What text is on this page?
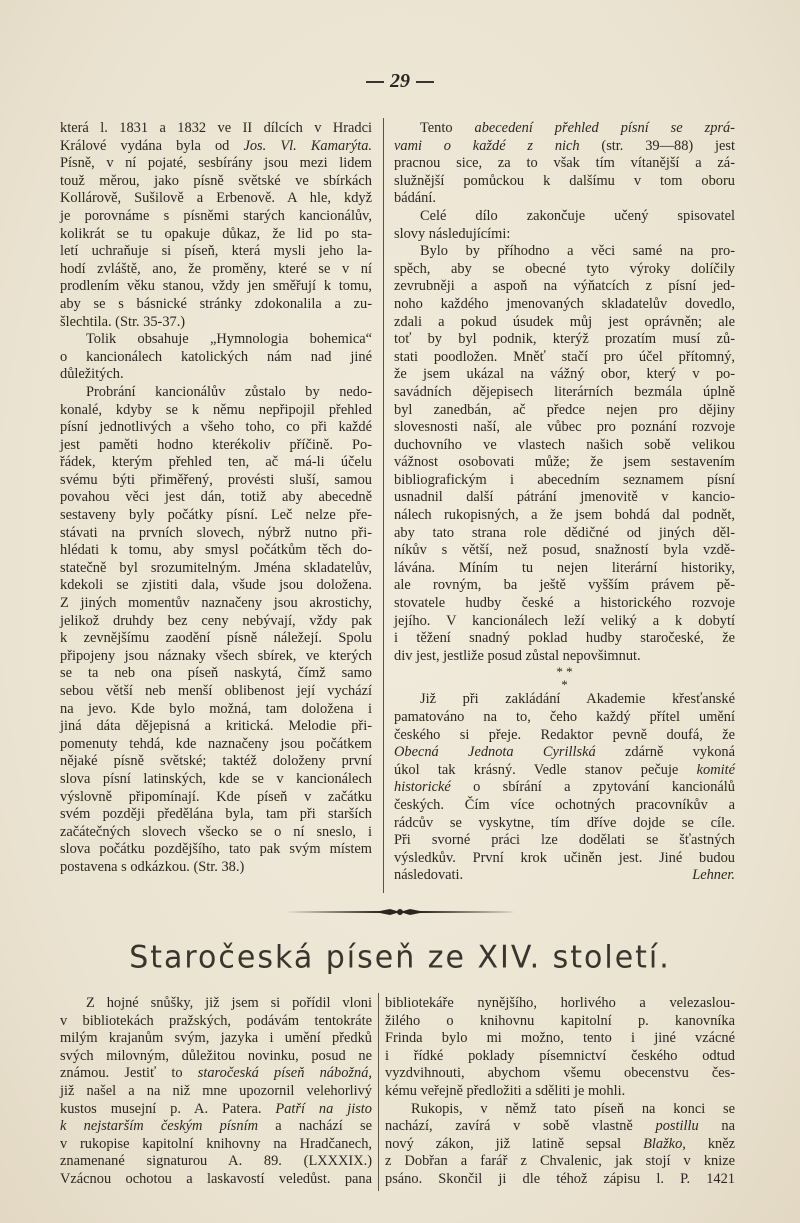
29
která l. 1831 a 1832 ve II dílcích v Hradci
Králové vydána byla od Jos. Vl. Kamarýta.
Písně, v ní pojaté, sesbírány jsou mezi lidem
touž měrou, jako písně světské ve sbírkách
Kollárově, Sušilově a Erbenově. A hle, když
je porovnáme s písněmi starých kancionálův,
kolikrát se tu opakuje důkaz, že lid po sta-
letí uchraňuje si píseň, která mysli jeho la-
hodí zvláště, ano, že proměny, které se v ní
prodlením věku stanou, vždy jen směřují k tomu,
aby se s básnické stránky zdokonalila a zu-
šlechtila. (Str. 35-37.)
Tolik obsahuje „Hymnologia bohemica“
o kancionálech katolických nám nad jiné
důležitých.
Probrání kancionálův zůstalo by nedo-
konalé, kdyby se k němu nepřipojil přehled
písní jednotlivých a všeho toho, co při každé
jest paměti hodno kterékoliv příčině. Po-
řádek, kterým přehled ten, ač má-li účelu
svému býti přiměřený, provésti sluší, samou
povahou věci jest dán, totiž aby abecedně
sestaveny byly počátky písní. Leč nelze pře-
stávati na prvních slovech, nýbrž nutno při-
hlédati k tomu, aby smysl počátkům těch do-
statečně byl srozumitelným. Jména skladatelův,
kdekoli se zjistiti dala, všude jsou doložena.
Z jiných momentův naznačeny jsou akrostichy,
jelikož druhdy bez ceny nebývají, vždy pak
k zevnějšímu zaodění písně náležejí. Spolu
připojeny jsou náznaky všech sbírek, ve kterých
se ta neb ona píseň naskytá, čímž samo
sebou větší neb menší oblibenost její vychází
na jevo. Kde bylo možná, tam doložena i
jiná dáta dějepisná a kritická. Melodie při-
pomenuty tehdá, kde naznačeny jsou počátkem
nějaké písně světské; taktéž doloženy první
slova písní latinských, kde se v kancionálech
výslovně připomínají. Kde píseň v začátku
svém později předělána byla, tam při starších
začátečných slovech všecko se o ní sneslo, i
slova počátku pozdějšího, tato pak svým místem
postavena s odkázkou. (Str. 38.)
Tento abecedení přehled písní se zprá-
vami o každé z nich (str. 39—88) jest
pracnou sice, za to však tím vítanější a zá-
služnější pomůckou k dalšímu v tom oboru
bádání.
Celé dílo zakončuje učený spisovatel
slovy následujícími:
Bylo by příhodno a věci samé na pro-
spěch, aby se obecné tyto výroky dolíčily
zevrubněji a aspoň na výňatcích z písní jed-
noho každého jmenovaných skladatelův dovedlo,
zdali a pokud úsudek můj jest oprávněn; ale
toť by byl podnik, kterýž prozatím musí zů-
stati poodložen. Mněť stačí pro účel přítomný,
že jsem ukázal na vážný obor, který v po-
savádních dějepisech literárních bezmála úplně
byl zanedbán, ač předce nejen pro dějiny
slovesnosti naší, ale vůbec pro poznání rozvoje
duchovního ve vlastech našich sobě velikou
vážnost osobovati může; že jsem sestavením
bibliografickým i abecedním seznamem písní
usnadnil další pátrání jmenovitě v kancio-
nálech rukopisných, a že jsem bohdá dal podnět,
aby tato strana role dědičné od jiných děl-
níkův s větší, než posud, snažností byla vzdě-
lávána. Míním tu nejen literární historiky,
ale rovným, ba ještě vyšším právem pě-
stovatele hudby české a historického rozvoje
jejího. V kancionálech leží veliký a k dobytí
i těžení snadný poklad hudby staročeské, že
div jest, jestliže posud zůstal nepovšimnut.
* *
*
Již při zakládání Akademie křesťanské
pamatováno na to, čeho každý přítel umění
českého si přeje. Redaktor pevně doufá, že
Obecná Jednota Cyrillská zdárně vykoná
úkol tak krásný. Vedle stanov pečuje komité
historické o sbírání a zpytování kancionálů
českých. Čím více ochotných pracovníkův a
rádcův se vyskytne, tím dříve dojde se cíle.
Při svorné práci lze dodělati se šťastných
výsledkův. První krok učiněn jest. Jiné budou
následovati.	Lehner.
Staročeská píseň ze XIV. století.
Z hojné snůšky, již jsem si pořídil vloni
v bibliotekách pražských, podávám tentokráte
milým krajanům svým, jazyka i umění předků
svých milovným, důležitou novinku, posud ne
známou. Jestiť to staročeská píseň nábožná,
již našel a na niž mne upozornil velehorlivý
kustos musejní p. A. Patera. Patří na jisto
k nejstarším českým písním a nachází se
v rukopise kapitolní knihovny na Hradčanech,
znamenané signaturou A. 89. (LXXXIX.)
Vzácnou ochotou a laskavostí veledůst. pana
bibliotekáře nynějšího, horlivého a velezaslou-
žilého o knihovnu kapitolní p. kanovníka
Frinda bylo mi možno, tento i jiné vzácné
i řídké poklady písemnictví českého odtud
vyzdvihnouti, abychom všemu obecenstvu čes-
kému veřejně předložiti a sděliti je mohli.
Rukopis, v němž tato píseň na konci se
nachází, zavírá v sobě vlastně postillu na
nový zákon, již latině sepsal Blažko, kněz
z Dobřan a farář z Chvalenic, jak stojí v knize
psáno. Skončil ji dle téhož zápisu l. P. 1421
